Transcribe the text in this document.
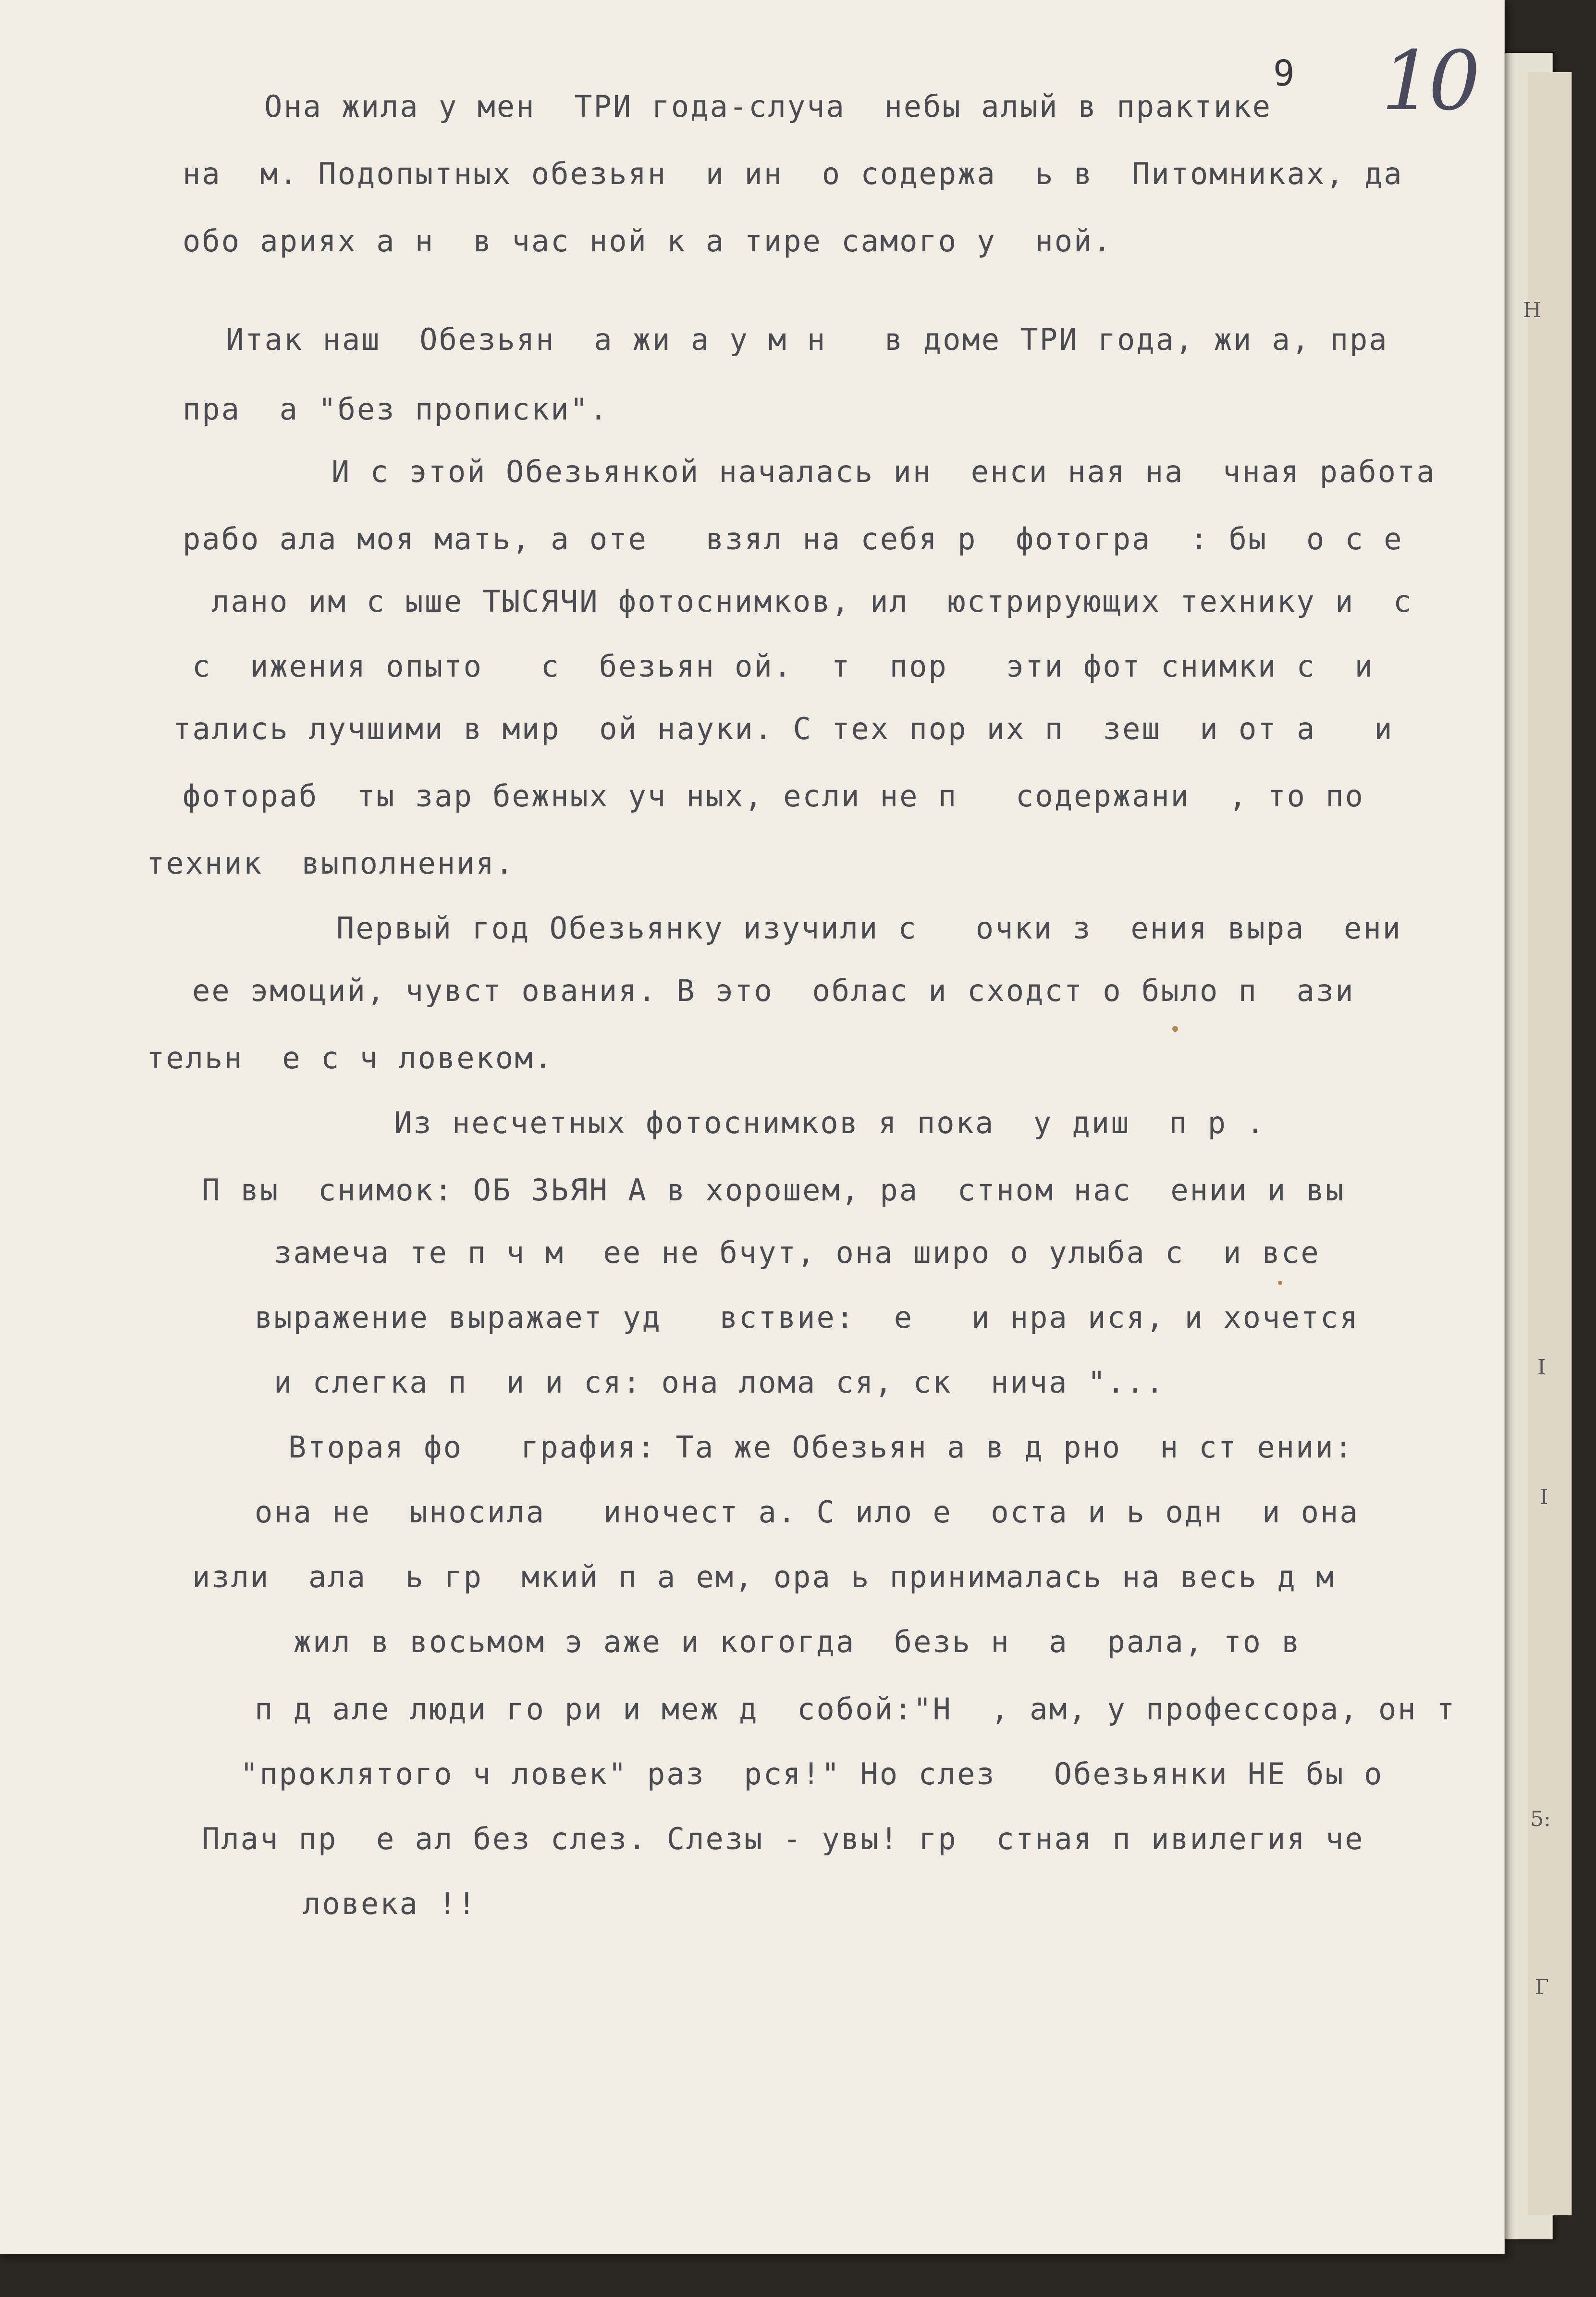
9 10
Она жила у мен  ТРИ года-случа  небы алый в практике
на  м. Подопытных обезьян  и ин  о содержа  ь в  Питомниках, да
обо ариях а н  в час ной к а тире самого у  ной.
Итак наш  Обезьян  а жи а у м н   в доме ТРИ года, жи а, пра
пра  а "без прописки".
И с этой Обезьянкой началась ин  енси ная на  чная работа
рабо ала моя мать, а оте   взял на себя р  фотогра  : бы  о с е
лано им с ыше ТЫСЯЧИ фотоснимков, ил  юстрирующих технику и  с
с  ижения опыто   с  безьян ой.  т  пор   эти фот снимки с  и
тались лучшими в мир  ой науки. С тех пор их п  зеш  и от а   и
фотораб  ты зар бежных уч ных, если не п   содержани  , то по
техник  выполнения.
Первый год Обезьянку изучили с   очки з  ения выра  ени
ее эмоций, чувст ования. В это  облас и сходст о было п  ази
тельн  е с ч ловеком.
Из несчетных фотоснимков я пока  у диш  п р .
П вы  снимок: ОБ ЗЬЯН А в хорошем, ра  стном нас  ении и вы
замеча те п ч м  ее не бчут, она широ о улыба с  и все
выражение выражает уд   вствие:  е   и нра ися, и хочется
и слегка п  и и ся: она лома ся, ск  нича "...
Вторая фо   графия: Та же Обезьян а в д рно  н ст ении:
она не  ыносила   иночест а. С ило е  оста и ь одн  и она
изли  ала  ь гр  мкий п а ем, ора ь принималась на весь д м
жил в восьмом э аже и когогда  безь н  а  рала, то в
п д але люди го ри и меж д  собой:"Н  , ам, у профессора, он т
"проклятого ч ловек" раз  рся!" Но слез   Обезьянки НЕ бы о
Плач пр  е ал без слез. Слезы - увы! гр  стная п ивилегия че
ловека !!
Н
I
I
5:
Г
